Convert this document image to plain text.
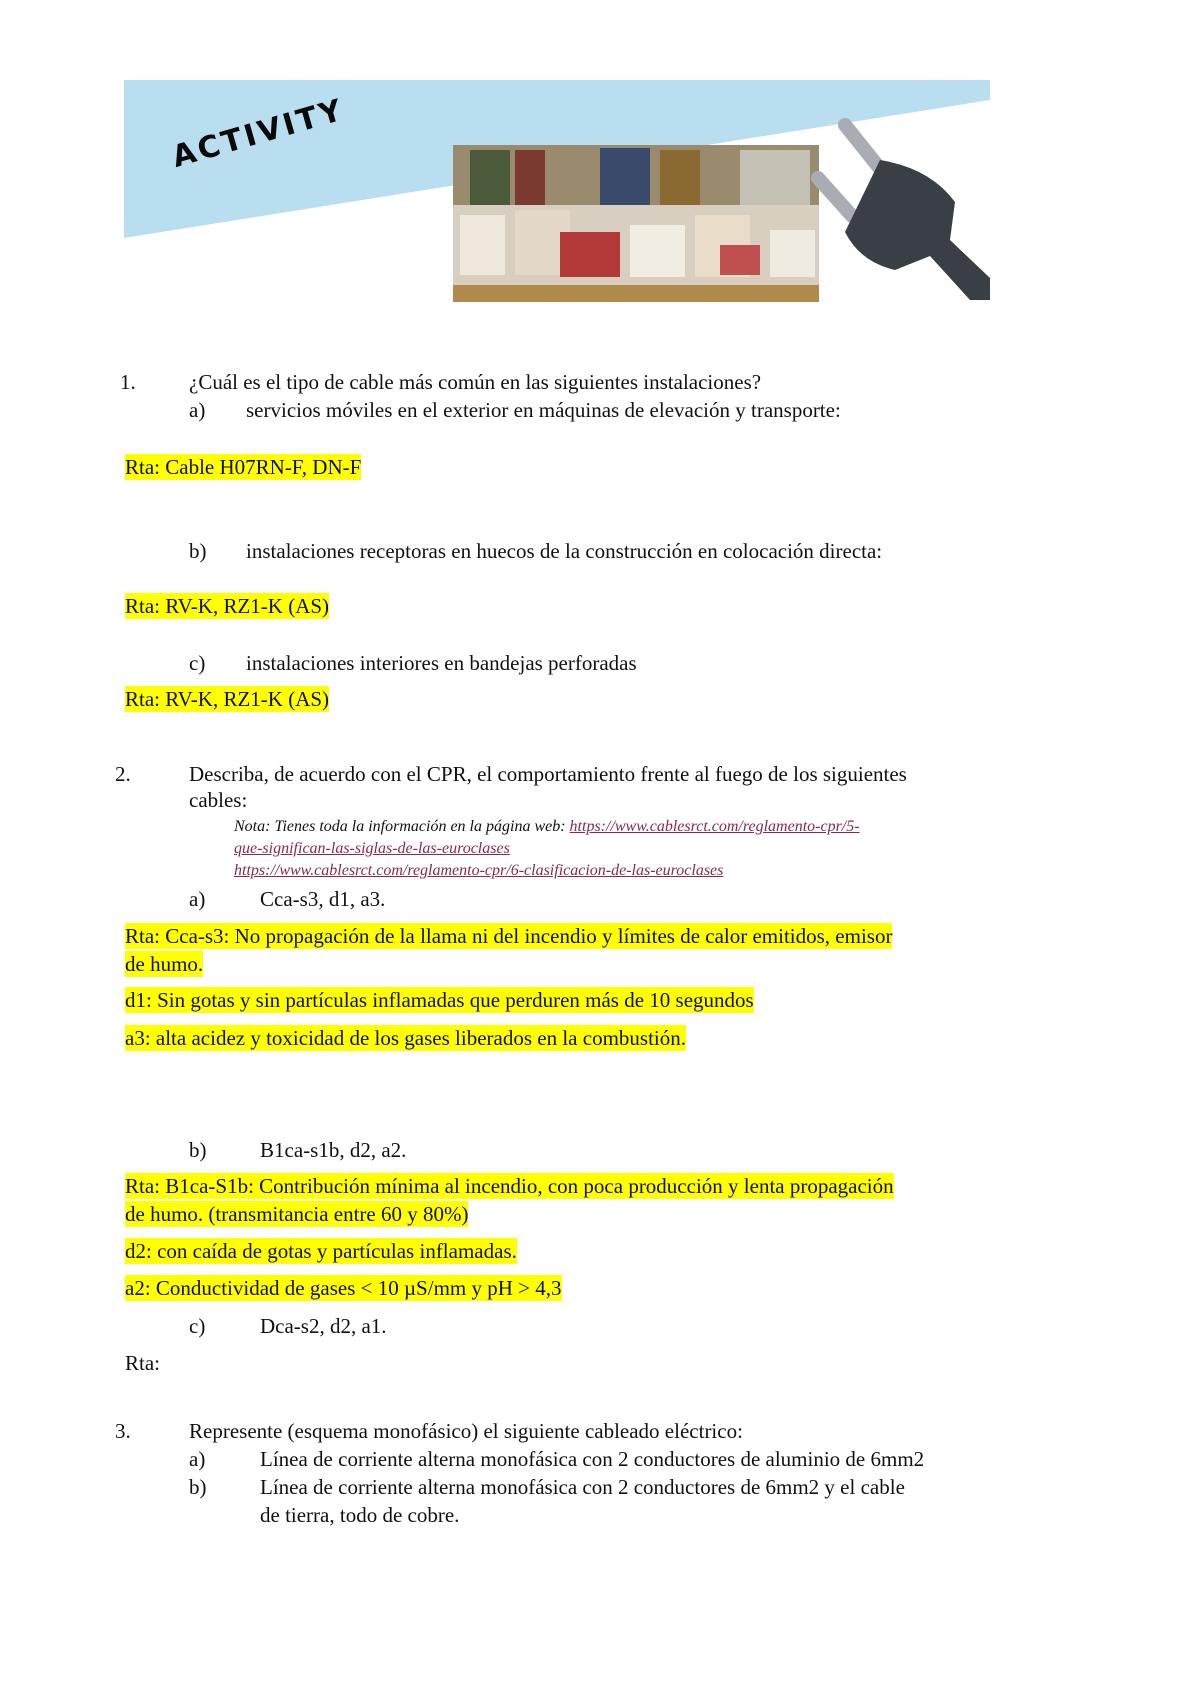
ACTIVITY
1.	¿Cuál es el tipo de cable más común en las siguientes instalaciones?
a) servicios móviles en el exterior en máquinas de elevación y transporte:
Rta: Cable H07RN-F, DN-F
b) instalaciones receptoras en huecos de la construcción en colocación directa:
Rta: RV-K, RZ1-K (AS)
c) instalaciones interiores en bandejas perforadas
Rta: RV-K, RZ1-K (AS)
2.	Describa, de acuerdo con el CPR, el comportamiento frente al fuego de los siguientes
cables:
Nota: Tienes toda la información en la página web: https://www.cablesrct.com/reglamento-cpr/5-
que-significan-las-siglas-de-las-euroclases
https://www.cablesrct.com/reglamento-cpr/6-clasificacion-de-las-euroclases
a)	Cca-s3, d1, a3.
Rta: Cca-s3: No propagación de la llama ni del incendio y límites de calor emitidos, emisor
de humo.
d1: Sin gotas y sin partículas inflamadas que perduren más de 10 segundos
a3: alta acidez y toxicidad de los gases liberados en la combustión.
b)	B1ca-s1b, d2, a2.
Rta: B1ca-S1b: Contribución mínima al incendio, con poca producción y lenta propagación
de humo. (transmitancia entre 60 y 80%)
d2: con caída de gotas y partículas inflamadas.
a2: Conductividad de gases < 10 µS/mm y pH > 4,3
c)	Dca-s2, d2, a1.
Rta:
3.	Represente (esquema monofásico) el siguiente cableado eléctrico:
a)	Línea de corriente alterna monofásica con 2 conductores de aluminio de 6mm2
b)	Línea de corriente alterna monofásica con 2 conductores de 6mm2 y el cable
de tierra, todo de cobre.
